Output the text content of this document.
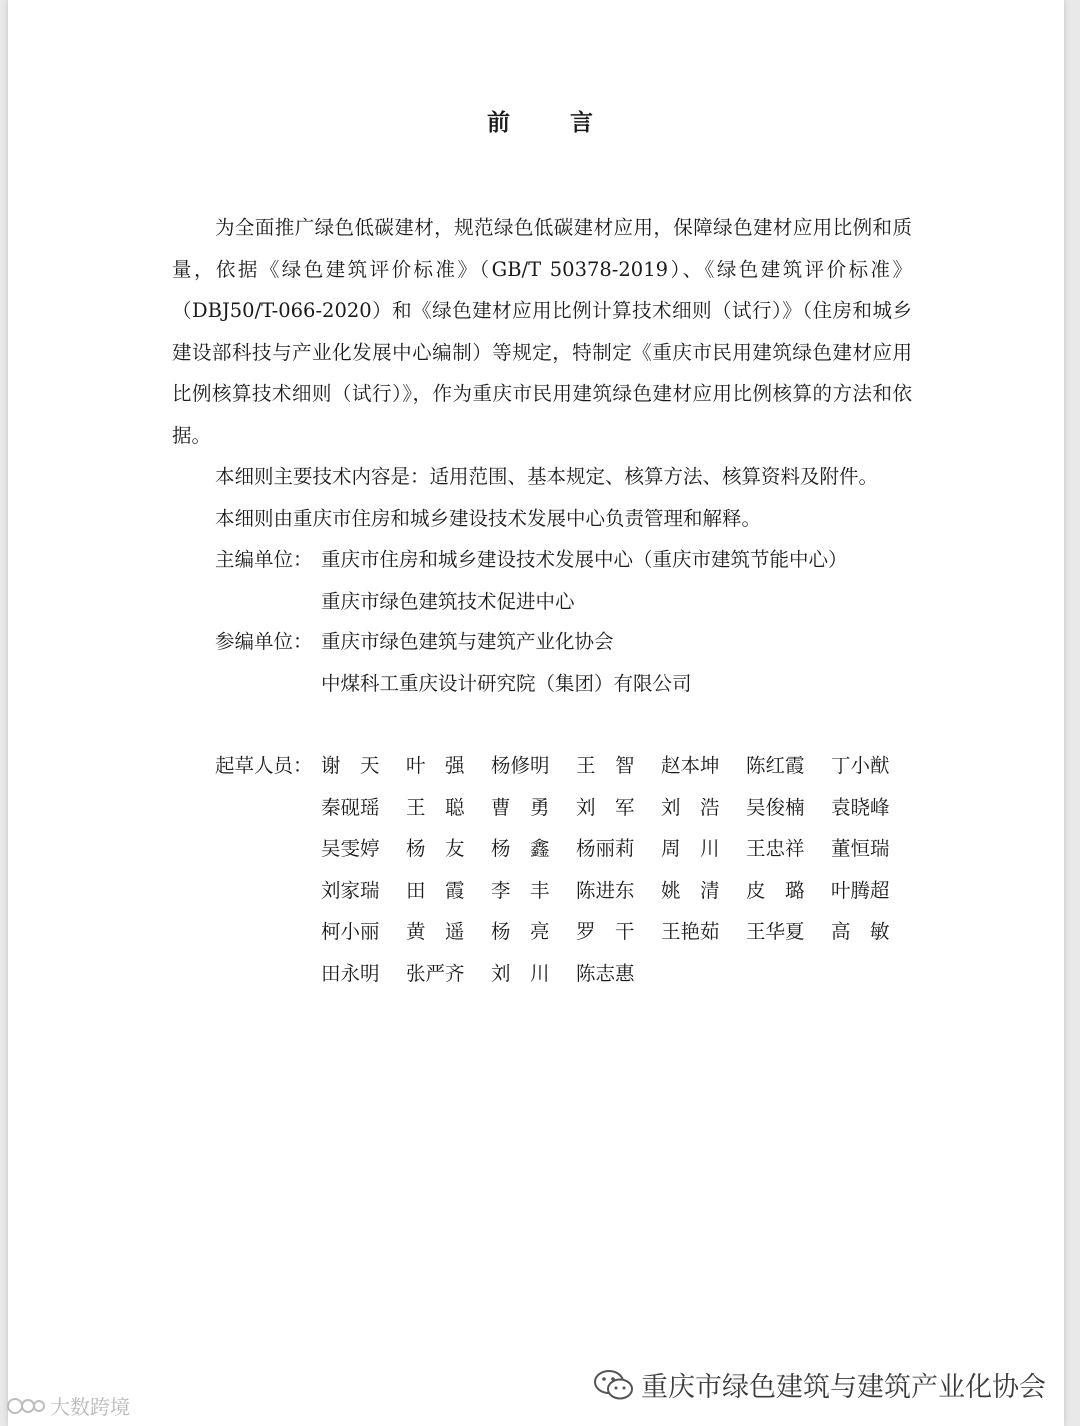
前 言

为全面推广绿色低碳建材，规范绿色低碳建材应用，保障绿色建材应用比例和质量，依据《绿色建筑评价标准》（GB/T 50378-2019）、《绿色建筑评价标准》（DBJ50/T-066-2020）和《绿色建材应用比例计算技术细则（试行）》（住房和城乡建设部科技与产业化发展中心编制）等规定，特制定《重庆市民用建筑绿色建材应用比例核算技术细则（试行）》，作为重庆市民用建筑绿色建材应用比例核算的方法和依据。

本细则主要技术内容是：适用范围、基本规定、核算方法、核算资料及附件。

本细则由重庆市住房和城乡建设技术发展中心负责管理和解释。

主编单位： 重庆市住房和城乡建设技术发展中心（重庆市建筑节能中心）
重庆市绿色建筑技术促进中心
参编单位： 重庆市绿色建筑与建筑产业化协会
中煤科工重庆设计研究院（集团）有限公司
起草人员： 谢　天	叶　强	杨修明	王　智	赵本坤	陈红霞	丁小猷
秦砚瑶	王　聪	曹　勇	刘　军	刘　浩	吴俊楠	袁晓峰
吴雯婷	杨　友	杨　鑫	杨丽莉	周　川	王忠祥	董恒瑞
刘家瑞	田　霞	李　丰	陈进东	姚　清	皮　璐	叶腾超
柯小丽	黄　遥	杨　亮	罗　干	王艳茹	王华夏	高　敏
田永明	张严齐	刘　川	陈志惠
重庆市绿色建筑与建筑产业化协会
大数跨境
